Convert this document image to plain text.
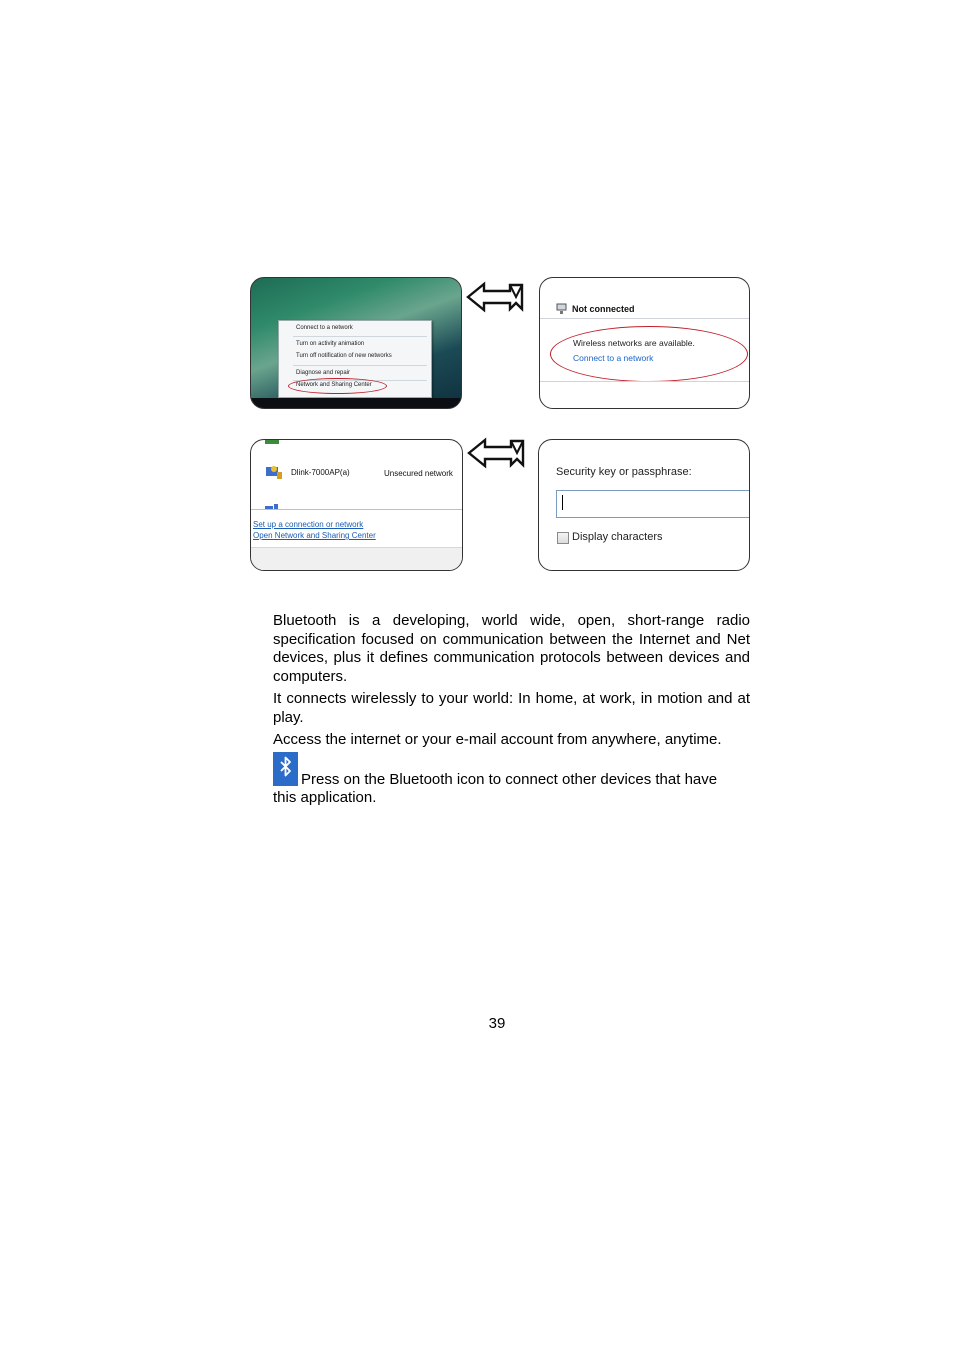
Connect to a network
Turn on activity animation
Turn off notification of new networks
Diagnose and repair
Network and Sharing Center
Not connected
Wireless networks are available.
Connect to a network
Dlink-7000AP(a)	Unsecured network
Set up a connection or network
Open Network and Sharing Center
Security key or passphrase:
Display characters

Bluetooth is a developing, world wide, open, short-range radio specification focused on communication between the Internet and Net devices, plus it defines communication protocols between devices and computers.

It connects wirelessly to your world: In home, at work, in motion and at play.

Access the internet or your e-mail account from anywhere, anytime.

Press on the Bluetooth icon to connect other devices that have
this application.
39
